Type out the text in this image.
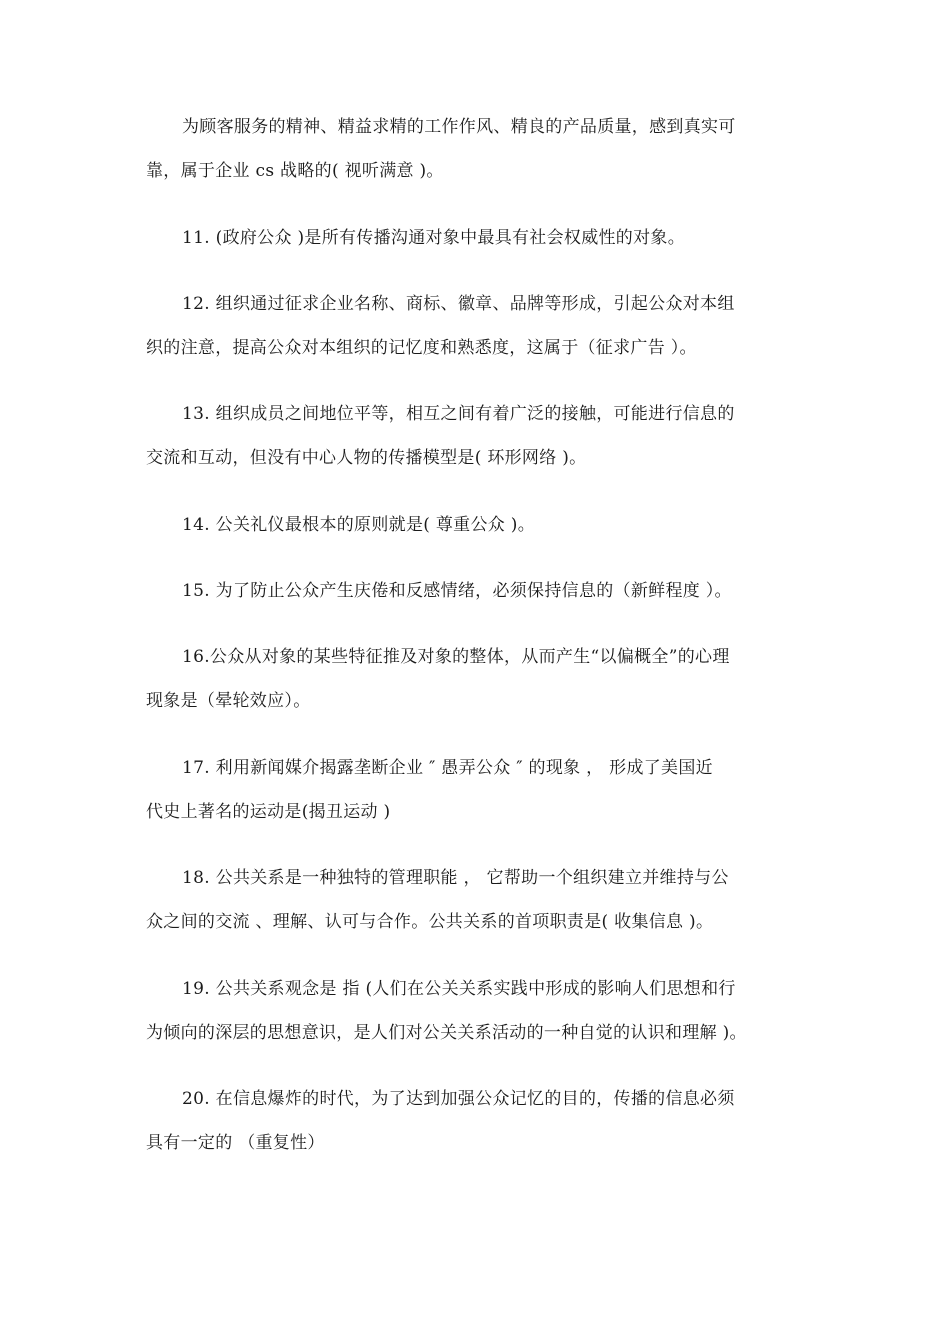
为顾客服务的精神、精益求精的工作作风、精良的产品质量，感到真实可
靠，属于企业 cs 战略的( 视听满意 )。
11. (政府公众 )是所有传播沟通对象中最具有社会权威性的对象。
12. 组织通过征求企业名称、商标、徽章、品牌等形成，引起公众对本组
织的注意，提高公众对本组织的记忆度和熟悉度，这属于（征求广告 ）。
13. 组织成员之间地位平等，相互之间有着广泛的接触，可能进行信息的
交流和互动，但没有中心人物的传播模型是( 环形网络 )。
14. 公关礼仪最根本的原则就是( 尊重公众 )。
15. 为了防止公众产生庆倦和反感情绪，必须保持信息的（新鲜程度 ）。
16.公众从对象的某些特征推及对象的整体，从而产生“以偏概全”的心理
现象是（晕轮效应）。
17. 利用新闻媒介揭露垄断企业 ″ 愚弄公众 ″ 的现象 ， 形成了美国近
代史上著名的运动是(揭丑运动 )
18. 公共关系是一种独特的管理职能 ， 它帮助一个组织建立并维持与公
众之间的交流 、理解、认可与合作。公共关系的首项职责是( 收集信息 )。
19. 公共关系观念是 指 (人们在公关关系实践中形成的影响人们思想和行
为倾向的深层的思想意识，是人们对公关关系活动的一种自觉的认识和理解 )。
20. 在信息爆炸的时代，为了达到加强公众记忆的目的，传播的信息必须
具有一定的 （重复性）
